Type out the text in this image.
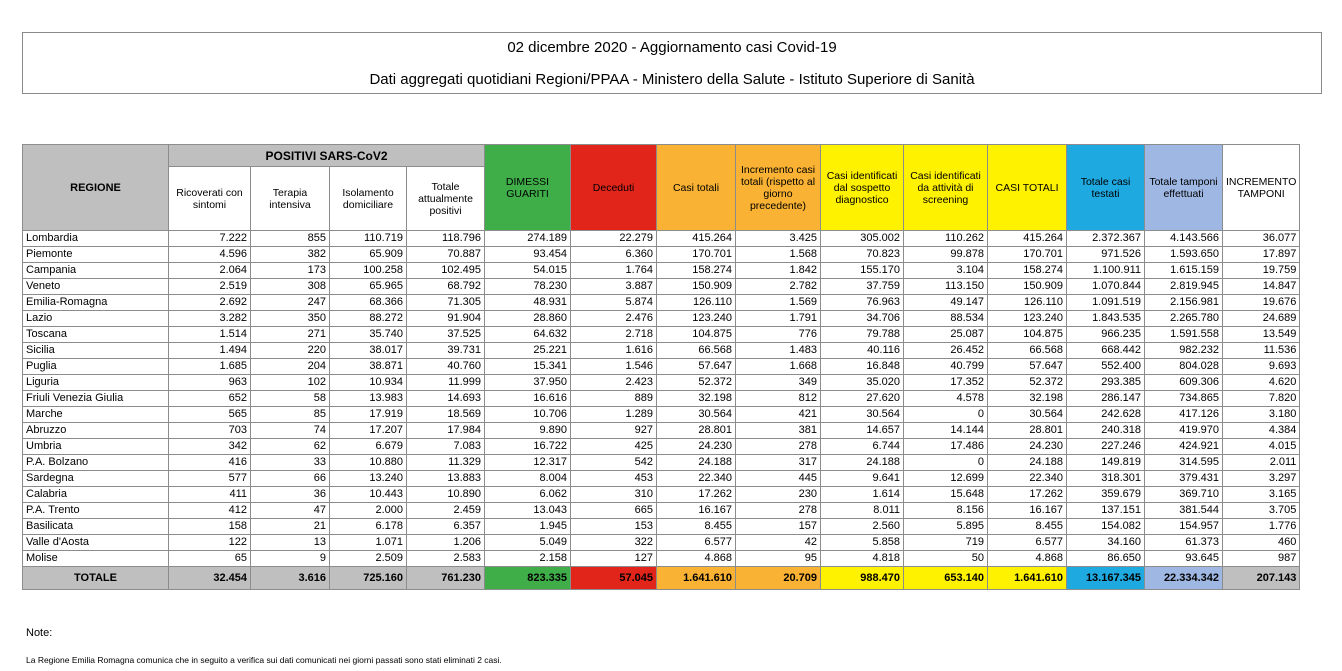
02 dicembre 2020 - Aggiornamento casi Covid-19
Dati aggregati quotidiani Regioni/PPAA - Ministero della Salute - Istituto Superiore di Sanità
REGIONE	POSITIVI SARS-CoV2				DIMESSI GUARITI	Deceduti	Casi totali	Incremento casi totali (rispetto al giorno precedente)	Casi identificati dal sospetto diagnostico	Casi identificati da attività di screening	CASI TOTALI	Totale casi testati	Totale tamponi effettuati	INCREMENTO TAMPONI
	Ricoverati con sintomi	Terapia intensiva	Isolamento domiciliare	Totale attualmente positivi										
Lombardia	7.222	855	110.719	118.796	274.189	22.279	415.264	3.425	305.002	110.262	415.264	2.372.367	4.143.566	36.077
Piemonte	4.596	382	65.909	70.887	93.454	6.360	170.701	1.568	70.823	99.878	170.701	971.526	1.593.650	17.897
Campania	2.064	173	100.258	102.495	54.015	1.764	158.274	1.842	155.170	3.104	158.274	1.100.911	1.615.159	19.759
Veneto	2.519	308	65.965	68.792	78.230	3.887	150.909	2.782	37.759	113.150	150.909	1.070.844	2.819.945	14.847
Emilia-Romagna	2.692	247	68.366	71.305	48.931	5.874	126.110	1.569	76.963	49.147	126.110	1.091.519	2.156.981	19.676
Lazio	3.282	350	88.272	91.904	28.860	2.476	123.240	1.791	34.706	88.534	123.240	1.843.535	2.265.780	24.689
Toscana	1.514	271	35.740	37.525	64.632	2.718	104.875	776	79.788	25.087	104.875	966.235	1.591.558	13.549
Sicilia	1.494	220	38.017	39.731	25.221	1.616	66.568	1.483	40.116	26.452	66.568	668.442	982.232	11.536
Puglia	1.685	204	38.871	40.760	15.341	1.546	57.647	1.668	16.848	40.799	57.647	552.400	804.028	9.693
Liguria	963	102	10.934	11.999	37.950	2.423	52.372	349	35.020	17.352	52.372	293.385	609.306	4.620
Friuli Venezia Giulia	652	58	13.983	14.693	16.616	889	32.198	812	27.620	4.578	32.198	286.147	734.865	7.820
Marche	565	85	17.919	18.569	10.706	1.289	30.564	421	30.564	0	30.564	242.628	417.126	3.180
Abruzzo	703	74	17.207	17.984	9.890	927	28.801	381	14.657	14.144	28.801	240.318	419.970	4.384
Umbria	342	62	6.679	7.083	16.722	425	24.230	278	6.744	17.486	24.230	227.246	424.921	4.015
P.A. Bolzano	416	33	10.880	11.329	12.317	542	24.188	317	24.188	0	24.188	149.819	314.595	2.011
Sardegna	577	66	13.240	13.883	8.004	453	22.340	445	9.641	12.699	22.340	318.301	379.431	3.297
Calabria	411	36	10.443	10.890	6.062	310	17.262	230	1.614	15.648	17.262	359.679	369.710	3.165
P.A. Trento	412	47	2.000	2.459	13.043	665	16.167	278	8.011	8.156	16.167	137.151	381.544	3.705
Basilicata	158	21	6.178	6.357	1.945	153	8.455	157	2.560	5.895	8.455	154.082	154.957	1.776
Valle d'Aosta	122	13	1.071	1.206	5.049	322	6.577	42	5.858	719	6.577	34.160	61.373	460
Molise	65	9	2.509	2.583	2.158	127	4.868	95	4.818	50	4.868	86.650	93.645	987
TOTALE	32.454	3.616	725.160	761.230	823.335	57.045	1.641.610	20.709	988.470	653.140	1.641.610	13.167.345	22.334.342	207.143
Note:
La Regione Emilia Romagna comunica che in seguito a verifica sui dati comunicati nei giorni passati sono stati eliminati 2 casi.
